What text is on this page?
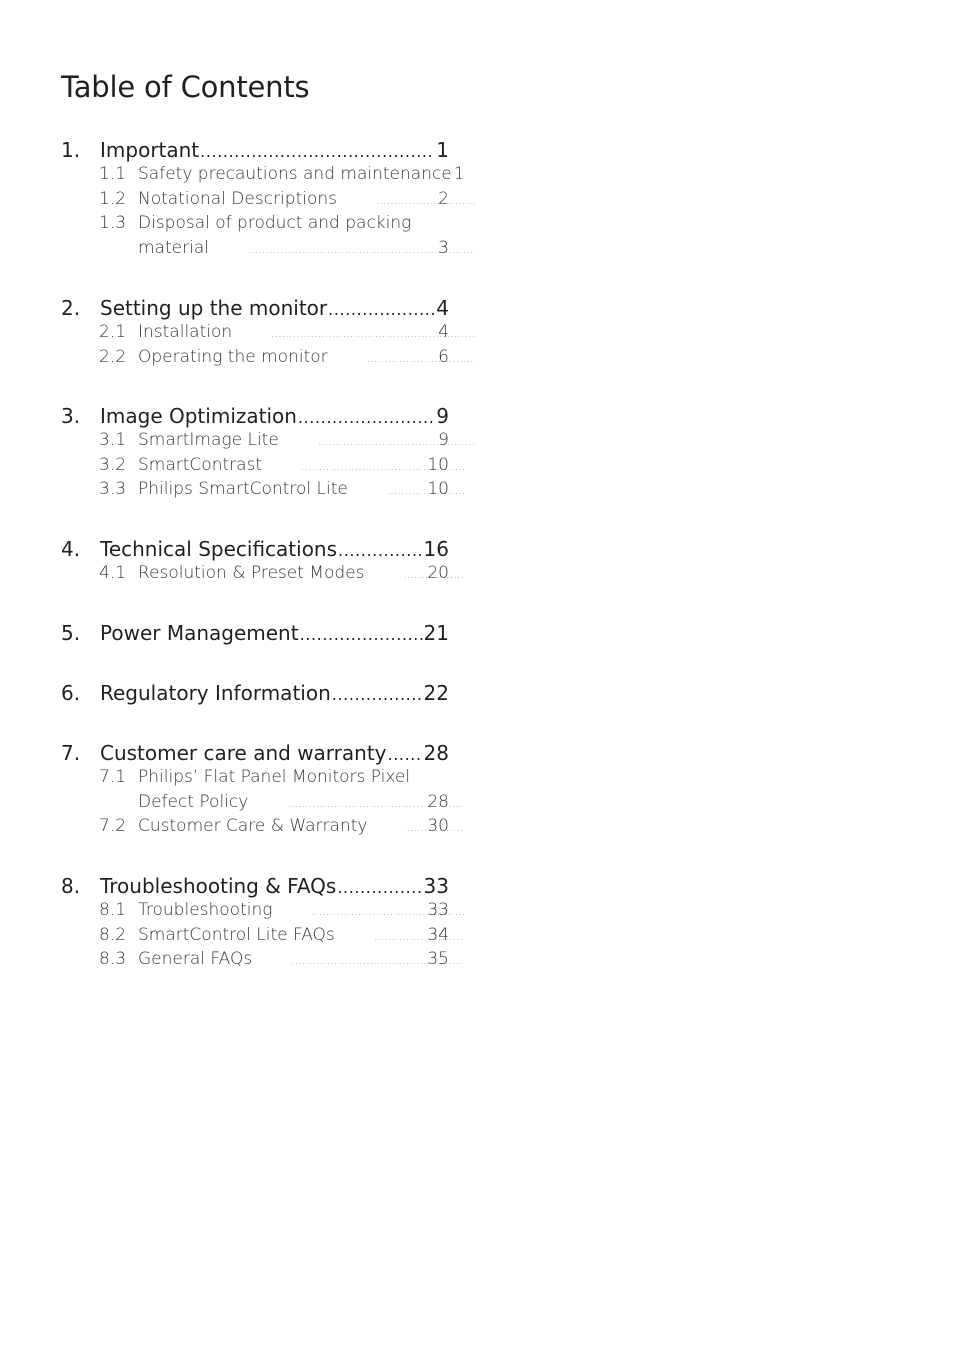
Table of Contents
1. Important .....	1
1.1 Safety precautions and maintenance 1
1.2 Notational Descriptions .....	2
1.3 Disposal of product and packing
material .....	3
2. Setting up the monitor .....	4
2.1 Installation .....	4
2.2 Operating the monitor .....	6
3. Image Optimization .....	9
3.1 SmartImage Lite .....	9
3.2 SmartContrast .....	10
3.3 Philips SmartControl Lite .....	10
4. Technical Specifications .....	16
4.1 Resolution & Preset Modes .....	20
5. Power Management .....	21
6. Regulatory Information .....	22
7. Customer care and warranty ..... 28
7.1 Philips’ Flat Panel Monitors Pixel
Defect Policy .....	28
7.2 Customer Care & Warranty .....	30
8. Troubleshooting & FAQs .....	33
8.1 Troubleshooting .....	33
8.2 SmartControl Lite FAQs .....	34
8.3 General FAQs .....	35
